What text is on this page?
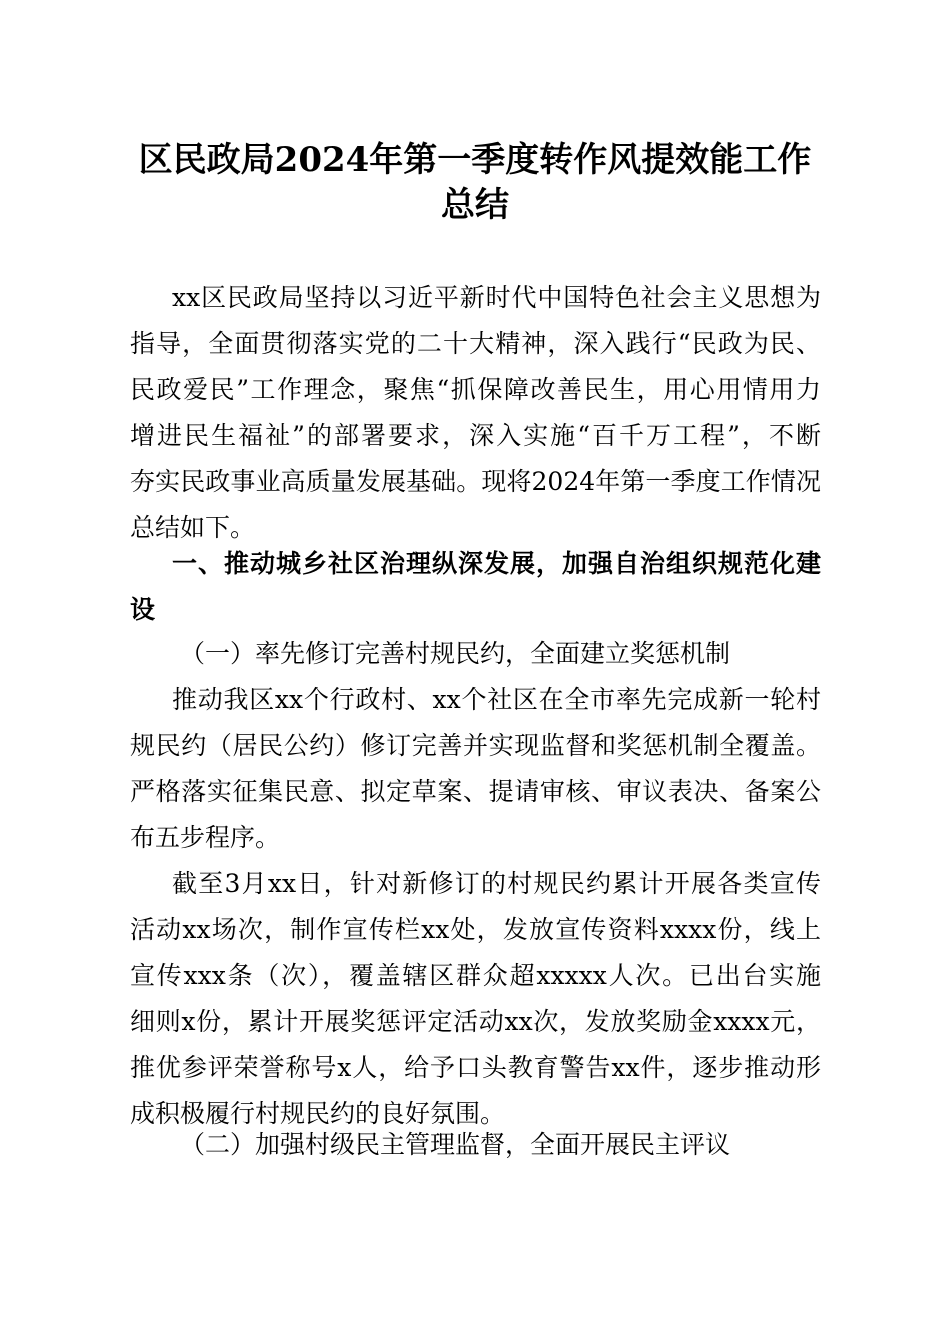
区民政局2024年第一季度转作风提效能工作
总结
xx区民政局坚持以习近平新时代中国特色社会主义思想为
指导，全面贯彻落实党的二十大精神，深入践行“民政为民、
民政爱民”工作理念，聚焦“抓保障改善民生，用心用情用力
增进民生福祉”的部署要求，深入实施“百千万工程”，不断
夯实民政事业高质量发展基础。现将2024年第一季度工作情况
总结如下。
一、推动城乡社区治理纵深发展，加强自治组织规范化建
设
（一）率先修订完善村规民约，全面建立奖惩机制
推动我区xx个行政村、xx个社区在全市率先完成新一轮村
规民约（居民公约）修订完善并实现监督和奖惩机制全覆盖。
严格落实征集民意、拟定草案、提请审核、审议表决、备案公
布五步程序。
截至3月xx日，针对新修订的村规民约累计开展各类宣传
活动xx场次，制作宣传栏xx处，发放宣传资料xxxx份，线上
宣传xxx条（次），覆盖辖区群众超xxxxx人次。已出台实施
细则x份，累计开展奖惩评定活动xx次，发放奖励金xxxx元，
推优参评荣誉称号x人，给予口头教育警告xx件，逐步推动形
成积极履行村规民约的良好氛围。
（二）加强村级民主管理监督，全面开展民主评议
